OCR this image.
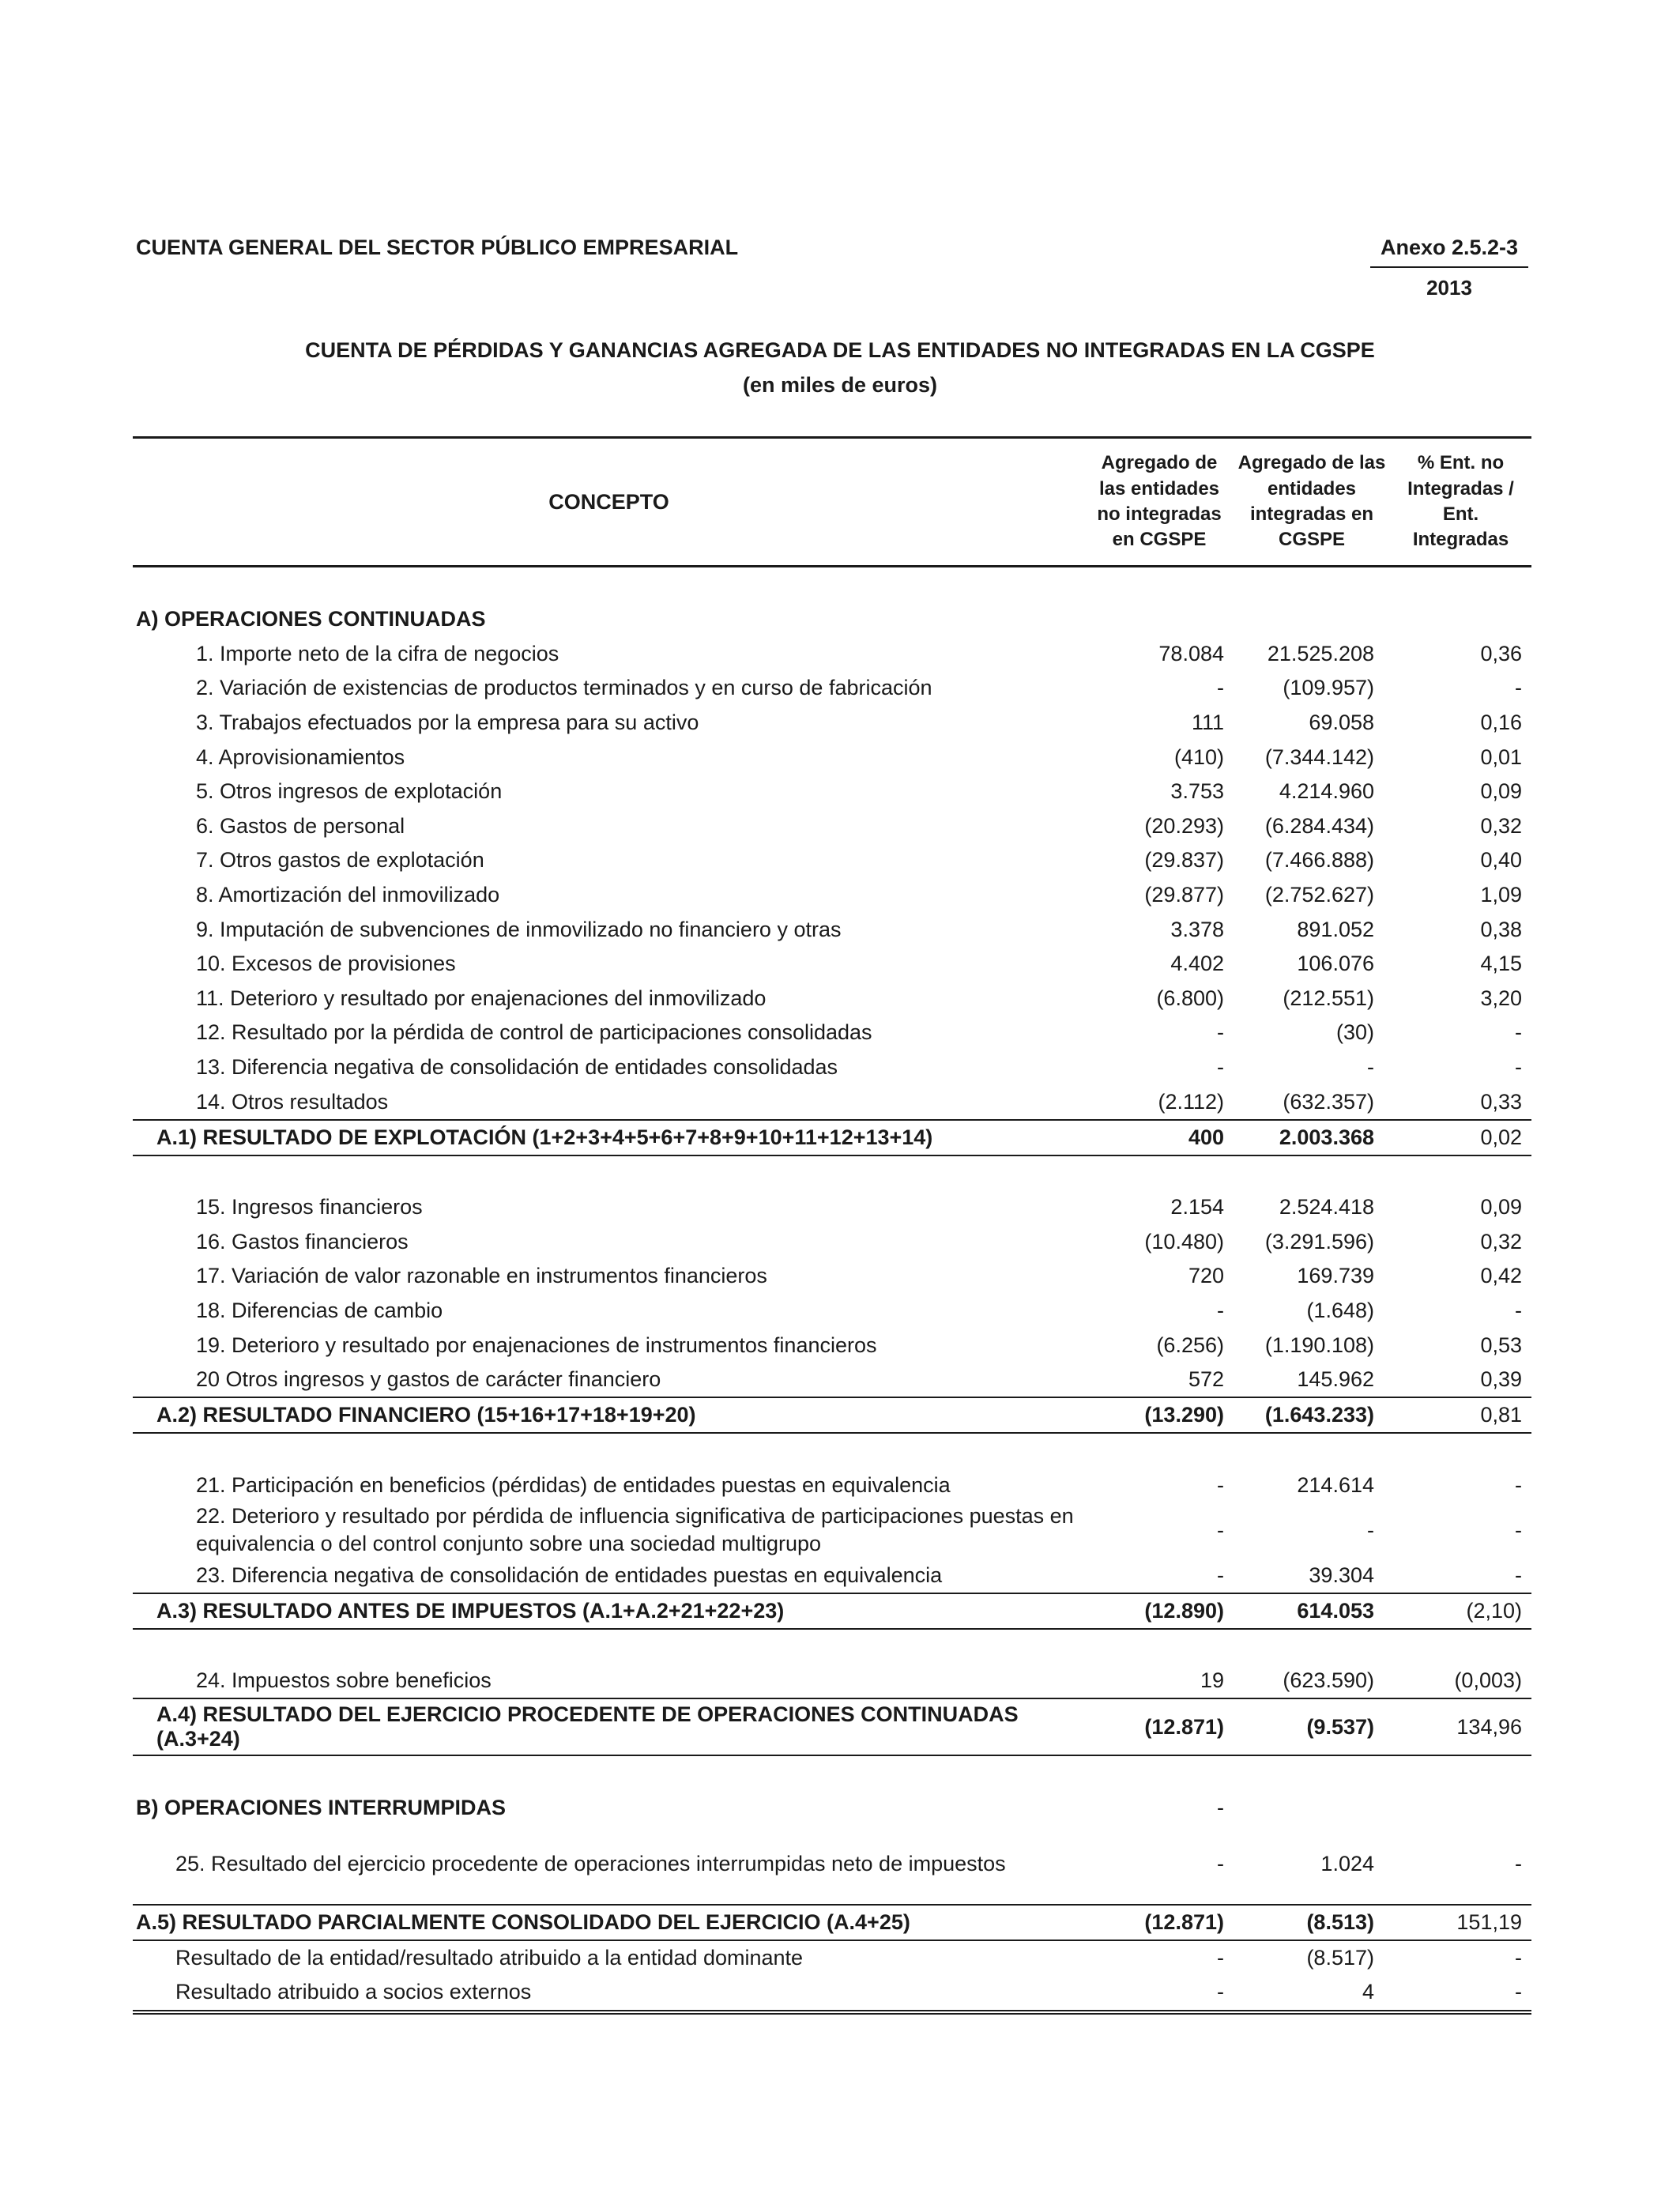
CUENTA GENERAL DEL SECTOR PÚBLICO EMPRESARIAL	Anexo 2.5.2-3
2013
CUENTA DE PÉRDIDAS Y GANANCIAS AGREGADA DE LAS ENTIDADES NO INTEGRADAS EN LA CGSPE
(en miles de euros)
CONCEPTO	Agregado de las entidades no integradas en CGSPE	Agregado de las entidades integradas en CGSPE	% Ent. no Integradas / Ent. Integradas

A) OPERACIONES CONTINUADAS			
1. Importe neto de la cifra de negocios	78.084	21.525.208	0,36
2. Variación de existencias de productos terminados y en curso de fabricación	-	(109.957)	-
3. Trabajos efectuados por la empresa para su activo	111	69.058	0,16
4. Aprovisionamientos	(410)	(7.344.142)	0,01
5. Otros ingresos de explotación	3.753	4.214.960	0,09
6. Gastos de personal	(20.293)	(6.284.434)	0,32
7. Otros gastos de explotación	(29.837)	(7.466.888)	0,40
8. Amortización del inmovilizado	(29.877)	(2.752.627)	1,09
9. Imputación de subvenciones de inmovilizado no financiero y otras	3.378	891.052	0,38
10. Excesos de provisiones	4.402	106.076	4,15
11. Deterioro y resultado por enajenaciones del inmovilizado	(6.800)	(212.551)	3,20
12. Resultado por la pérdida de control de participaciones consolidadas	-	(30)	-
13. Diferencia negativa de consolidación de entidades consolidadas	-	-	-
14. Otros resultados	(2.112)	(632.357)	0,33
A.1) RESULTADO DE EXPLOTACIÓN (1+2+3+4+5+6+7+8+9+10+11+12+13+14)	400	2.003.368	0,02

15. Ingresos financieros	2.154	2.524.418	0,09
16. Gastos financieros	(10.480)	(3.291.596)	0,32
17. Variación de valor razonable en instrumentos financieros	720	169.739	0,42
18. Diferencias de cambio	-	(1.648)	-
19. Deterioro y resultado por enajenaciones de instrumentos financieros	(6.256)	(1.190.108)	0,53
20 Otros ingresos y gastos de carácter financiero	572	145.962	0,39
A.2) RESULTADO FINANCIERO (15+16+17+18+19+20)	(13.290)	(1.643.233)	0,81

21. Participación en beneficios (pérdidas) de entidades puestas en equivalencia	-	214.614	-
22. Deterioro y resultado por pérdida de influencia significativa de participaciones puestas en equivalencia o del control conjunto sobre una sociedad multigrupo	-	-	-
23. Diferencia negativa de consolidación de entidades puestas en equivalencia	-	39.304	-
A.3) RESULTADO ANTES DE IMPUESTOS (A.1+A.2+21+22+23)	(12.890)	614.053	(2,10)

24. Impuestos sobre beneficios	19	(623.590)	(0,003)
A.4) RESULTADO DEL EJERCICIO PROCEDENTE DE OPERACIONES CONTINUADAS (A.3+24)	(12.871)	(9.537)	134,96

B) OPERACIONES INTERRUMPIDAS	-		

25. Resultado del ejercicio procedente de operaciones interrumpidas neto de impuestos	-	1.024	-

A.5) RESULTADO PARCIALMENTE CONSOLIDADO DEL EJERCICIO (A.4+25)	(12.871)	(8.513)	151,19
Resultado de la entidad/resultado atribuido a la entidad dominante	-	(8.517)	-
Resultado atribuido a socios externos	-	4	-
